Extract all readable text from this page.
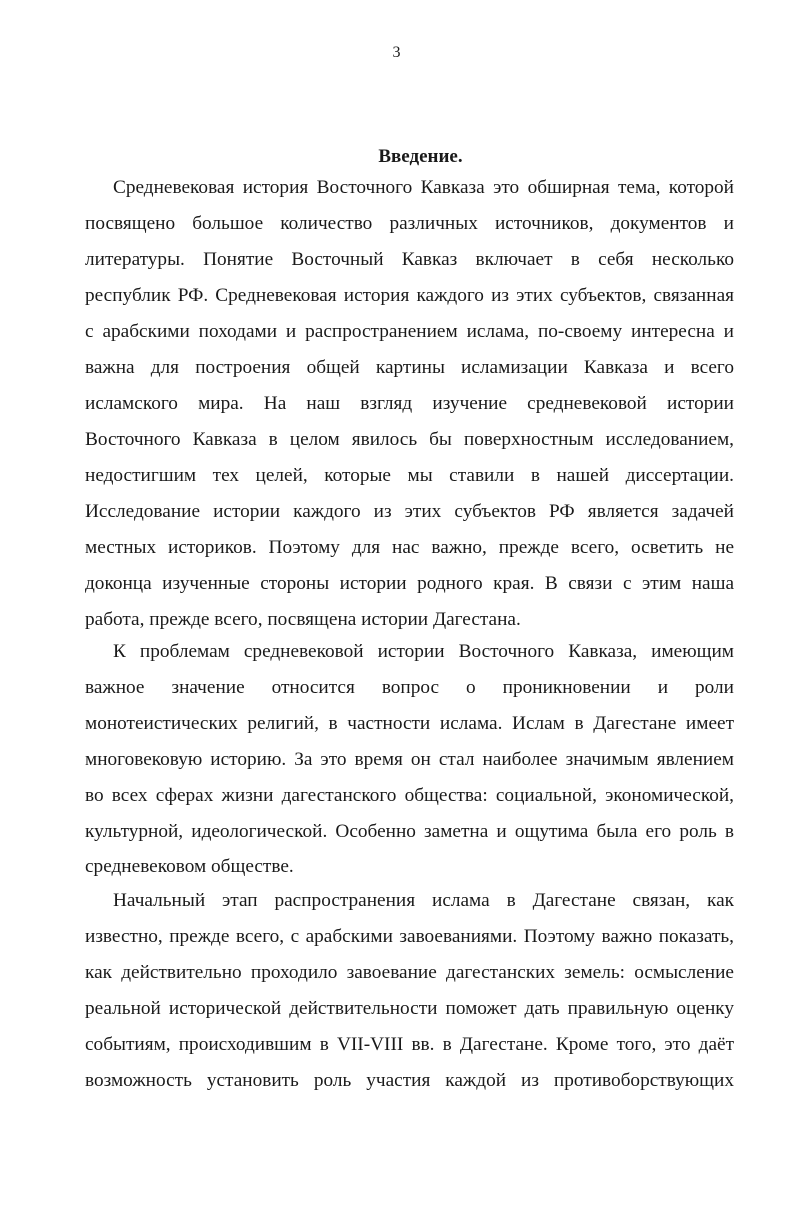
3
Введение.
Средневековая история Восточного Кавказа это обширная тема, которой
посвящено большое количество различных источников, документов и
литературы. Понятие Восточный Кавказ включает в себя несколько
республик РФ. Средневековая история каждого из этих субъектов, связанная
с арабскими походами и распространением ислама, по-своему интересна и
важна для построения общей картины исламизации Кавказа и всего
исламского мира. На наш взгляд изучение средневековой истории
Восточного Кавказа в целом явилось бы поверхностным исследованием,
недостигшим тех целей, которые мы ставили в нашей диссертации.
Исследование истории каждого из этих субъектов РФ является задачей
местных историков. Поэтому для нас важно, прежде всего, осветить не
доконца изученные стороны истории родного края. В связи с этим наша
работа, прежде всего, посвящена истории Дагестана.
К проблемам средневековой истории Восточного Кавказа, имеющим
важное значение относится вопрос о проникновении и роли
монотеистических религий, в частности ислама. Ислам в Дагестане имеет
многовековую историю. За это время он стал наиболее значимым явлением
во всех сферах жизни дагестанского общества: социальной, экономической,
культурной, идеологической. Особенно заметна и ощутима была его роль в
средневековом обществе.
Начальный этап распространения ислама в Дагестане связан, как
известно, прежде всего, с арабскими завоеваниями. Поэтому важно показать,
как действительно проходило завоевание дагестанских земель: осмысление
реальной исторической действительности поможет дать правильную оценку
событиям, происходившим в VII-VIII вв. в Дагестане. Кроме того, это даёт
возможность установить роль участия каждой из противоборствующих
